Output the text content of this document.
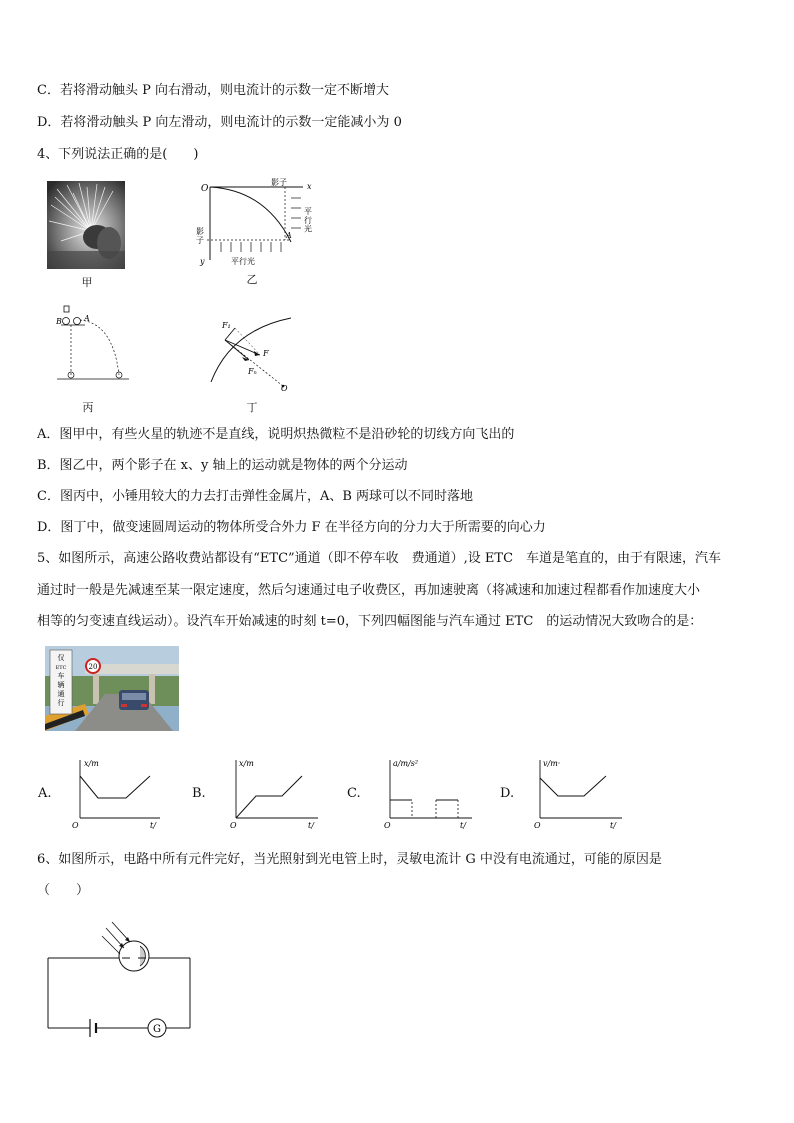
C．若将滑动触头 P 向右滑动，则电流计的示数一定不断增大
D．若将滑动触头 P 向左滑动，则电流计的示数一定能减小为 0
4、下列说法正确的是(　　)
甲
O
影子	x
影子
y
A
平行光
平行光
乙
B	A
丙
F₁
F
Fₙ
O
丁
A．图甲中，有些火星的轨迹不是直线，说明炽热微粒不是沿砂轮的切线方向飞出的
B．图乙中，两个影子在 x、y 轴上的运动就是物体的两个分运动
C．图丙中，小锤用较大的力去打击弹性金属片，A、B 两球可以不同时落地
D．图丁中，做变速圆周运动的物体所受合外力 F 在半径方向的分力大于所需要的向心力
5、如图所示，高速公路收费站都设有“ETC”通道（即不停车收　费通道）,设 ETC　车道是笔直的，由于有限速，汽车
通过时一般是先减速至某一限定速度，然后匀速通过电子收费区，再加速驶离（将减速和加速过程都看作加速度大小
相等的匀变速直线运动）。设汽车开始减速的时刻 t=0，下列四幅图能与汽车通过 ETC　的运动情况大致吻合的是：
仅
ETC
车
辆
通
行
20
A.
x/m
O	t/
B.
x/m
O	t/
C.
a/m/s²
O	t/
D.
v/m·
O	t/
6、如图所示，电路中所有元件完好，当光照射到光电管上时，灵敏电流计 G 中没有电流通过，可能的原因是
（　　）
G
